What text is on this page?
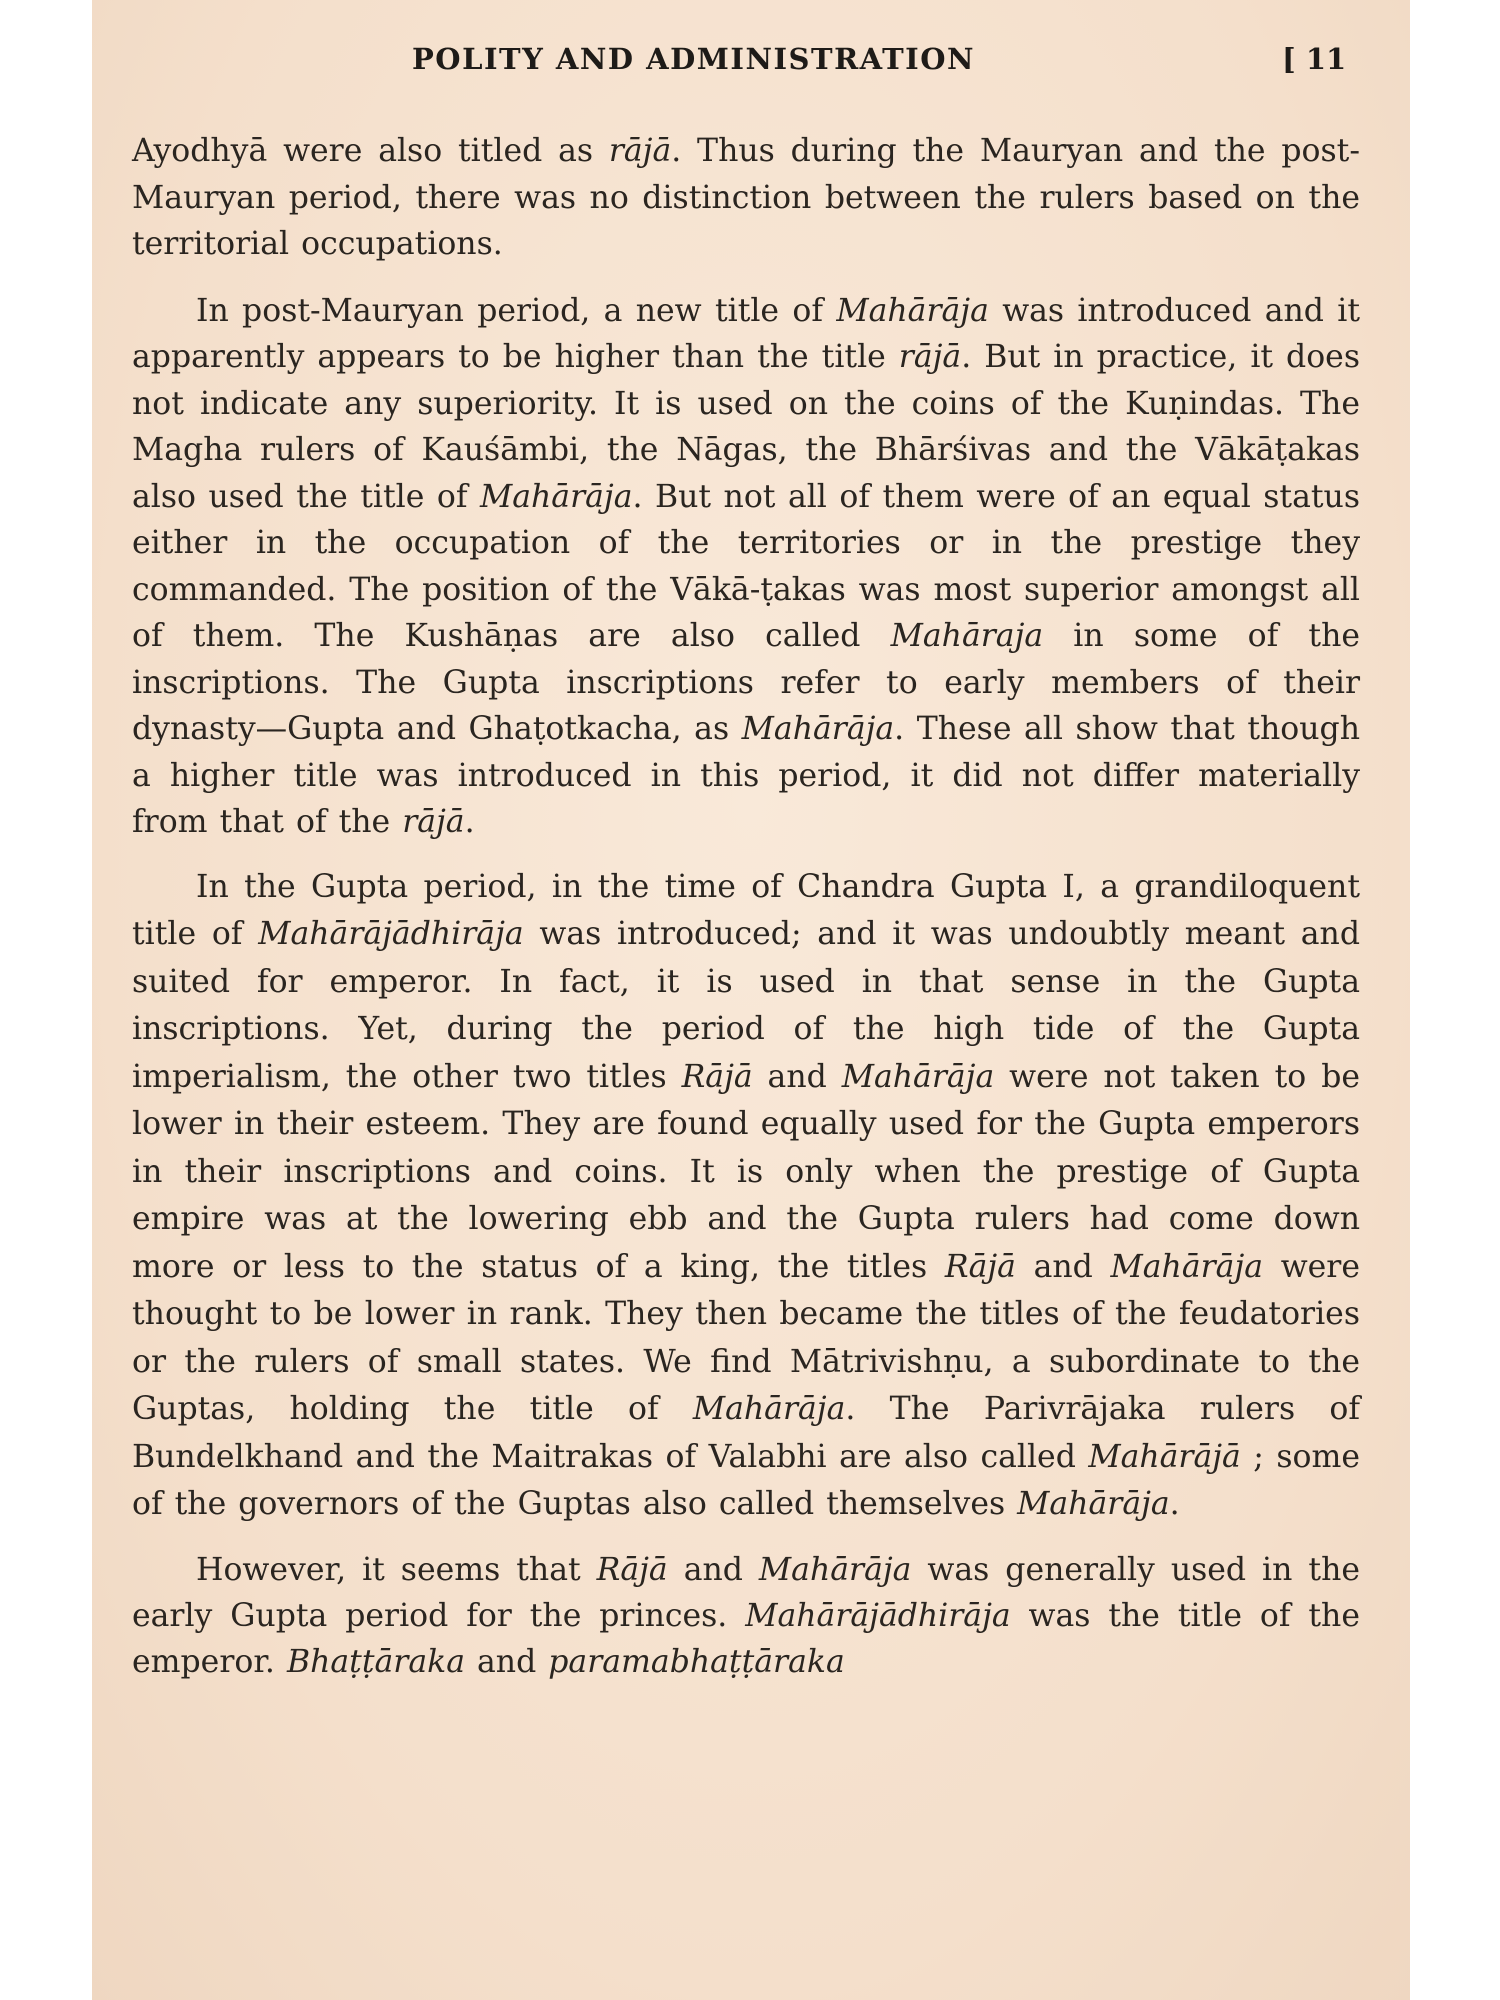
POLITY AND ADMINISTRATION	[ 11

Ayodhyā were also titled as rājā. Thus during the Mauryan and the post-Mauryan period, there was no distinction between the rulers based on the territorial occupations.

In post-Mauryan period, a new title of Mahārāja was introduced and it apparently appears to be higher than the title rājā. But in practice, it does not indicate any superiority. It is used on the coins of the Kuṇindas. The Magha rulers of Kauśāmbi, the Nāgas, the Bhārśivas and the Vākāṭakas also used the title of Mahārāja. But not all of them were of an equal status either in the occupation of the territories or in the prestige they commanded. The position of the Vākā-ṭakas was most superior amongst all of them. The Kushāṇas are also called Mahāraja in some of the inscriptions. The Gupta inscriptions refer to early members of their dynasty—Gupta and Ghaṭotkacha, as Mahārāja. These all show that though a higher title was introduced in this period, it did not differ materially from that of the rājā.

In the Gupta period, in the time of Chandra Gupta I, a grandiloquent title of Mahārājādhirāja was introduced; and it was undoubtly meant and suited for emperor. In fact, it is used in that sense in the Gupta inscriptions. Yet, during the period of the high tide of the Gupta imperialism, the other two titles Rājā and Mahārāja were not taken to be lower in their esteem. They are found equally used for the Gupta emperors in their inscriptions and coins. It is only when the prestige of Gupta empire was at the lowering ebb and the Gupta rulers had come down more or less to the status of a king, the titles Rājā and Mahārāja were thought to be lower in rank. They then became the titles of the feudatories or the rulers of small states. We find Mātrivishṇu, a subordinate to the Guptas, holding the title of Mahārāja. The Parivrājaka rulers of Bundelkhand and the Maitrakas of Valabhi are also called Mahārājā ; some of the governors of the Guptas also called themselves Mahārāja.

However, it seems that Rājā and Mahārāja was generally used in the early Gupta period for the princes. Mahārājādhirāja was the title of the emperor. Bhaṭṭāraka and paramabhaṭṭāraka
